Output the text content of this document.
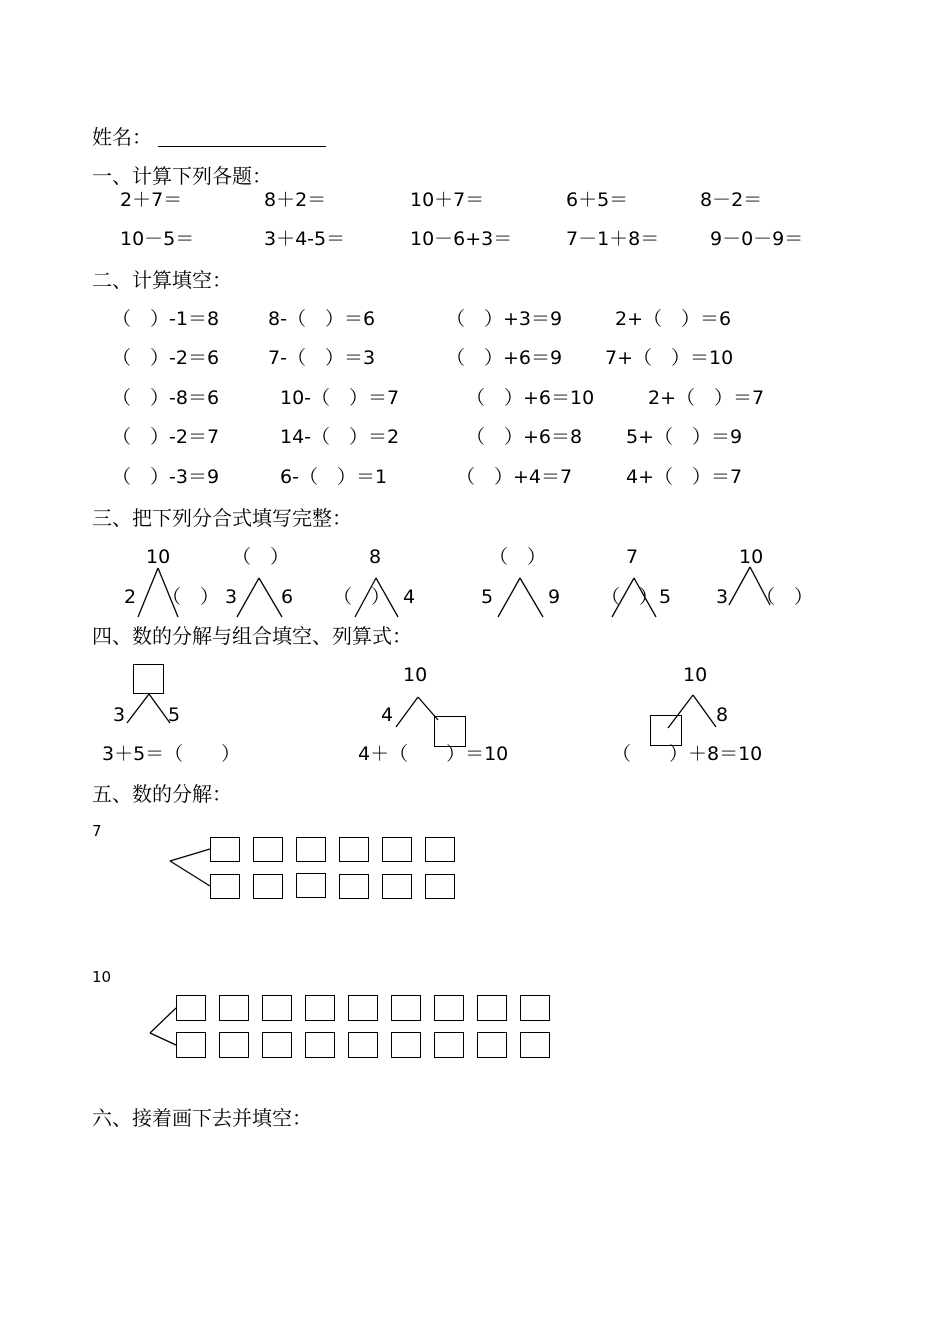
姓名：
一、计算下列各题：
2＋7＝	8＋2＝	10＋7＝	6＋5＝	8－2＝
10－5＝	3＋4-5＝	10－6+3＝	7－1＋8＝	9－0－9＝
二、计算填空：
（　）-1＝8	8-（　）＝6	（　）+3＝9	2+（　）＝6
（　）-2＝6	7-（　）＝3	（　）+6＝9 7+（　）＝10
（　）-8＝6	10-（　）＝7	（　）+6＝10	2+（　）＝7
（　）-2＝7	14-（　）＝2	（　）+6＝8 5+（　）＝9
（　）-3＝9	6-（　）＝1	（　）+4＝7	4+（　）＝7
三、把下列分合式填写完整：
10
2 （　）
（　）
3 6
8
（　） 4
（　）
5	9
7
（　） 5
10
3 （　）
四、数的分解与组合填空、列算式：
3 5
3＋5＝（　　）
10
4
4＋（　　）＝10
10
8
（　　）＋8＝10
五、数的分解：
7
10
六、接着画下去并填空：
